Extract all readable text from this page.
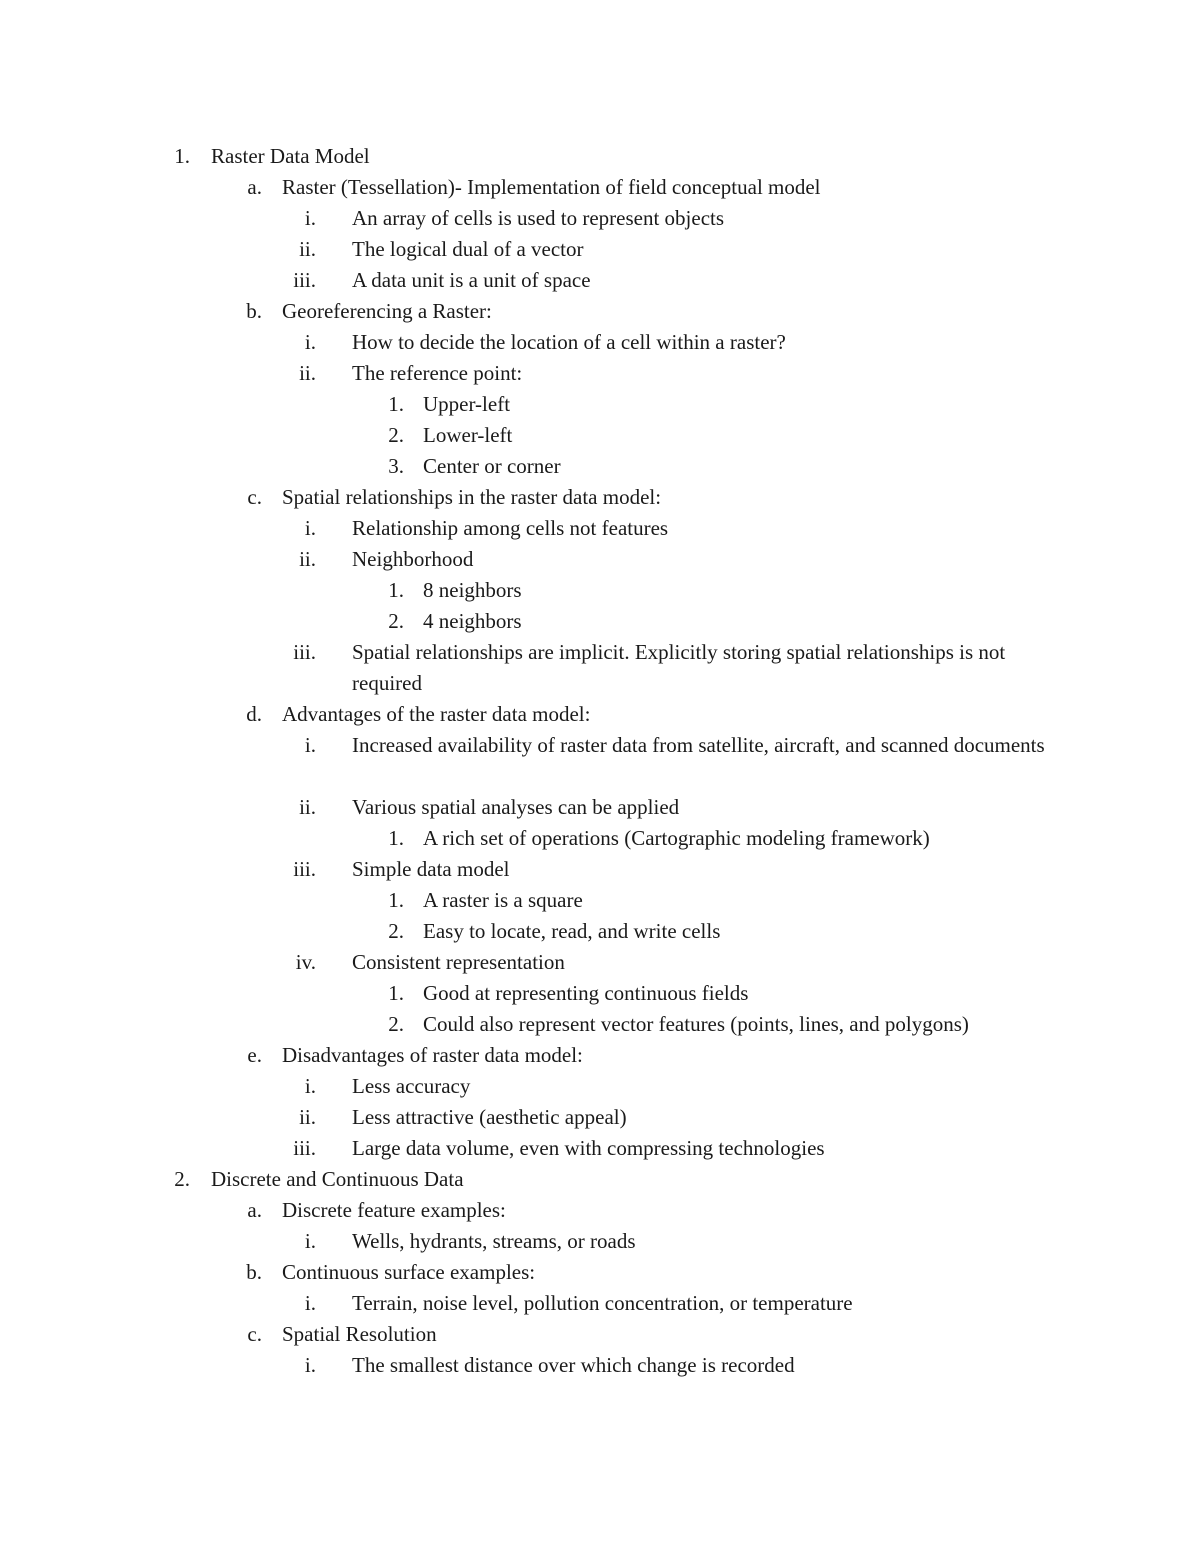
1. Raster Data Model
a. Raster (Tessellation)- Implementation of field conceptual model
i. An array of cells is used to represent objects
ii. The logical dual of a vector
iii. A data unit is a unit of space
b. Georeferencing a Raster:
i. How to decide the location of a cell within a raster?
ii. The reference point:
1. Upper-left
2. Lower-left
3. Center or corner
c. Spatial relationships in the raster data model:
i. Relationship among cells not features
ii. Neighborhood
1. 8 neighbors
2. 4 neighbors
iii. Spatial relationships are implicit. Explicitly storing spatial relationships is not required
d. Advantages of the raster data model:
i. Increased availability of raster data from satellite, aircraft, and scanned documents
ii. Various spatial analyses can be applied
1. A rich set of operations (Cartographic modeling framework)
iii. Simple data model
1. A raster is a square
2. Easy to locate, read, and write cells
iv. Consistent representation
1. Good at representing continuous fields
2. Could also represent vector features (points, lines, and polygons)
e. Disadvantages of raster data model:
i. Less accuracy
ii. Less attractive (aesthetic appeal)
iii. Large data volume, even with compressing technologies
2. Discrete and Continuous Data
a. Discrete feature examples:
i. Wells, hydrants, streams, or roads
b. Continuous surface examples:
i. Terrain, noise level, pollution concentration, or temperature
c. Spatial Resolution
i. The smallest distance over which change is recorded
